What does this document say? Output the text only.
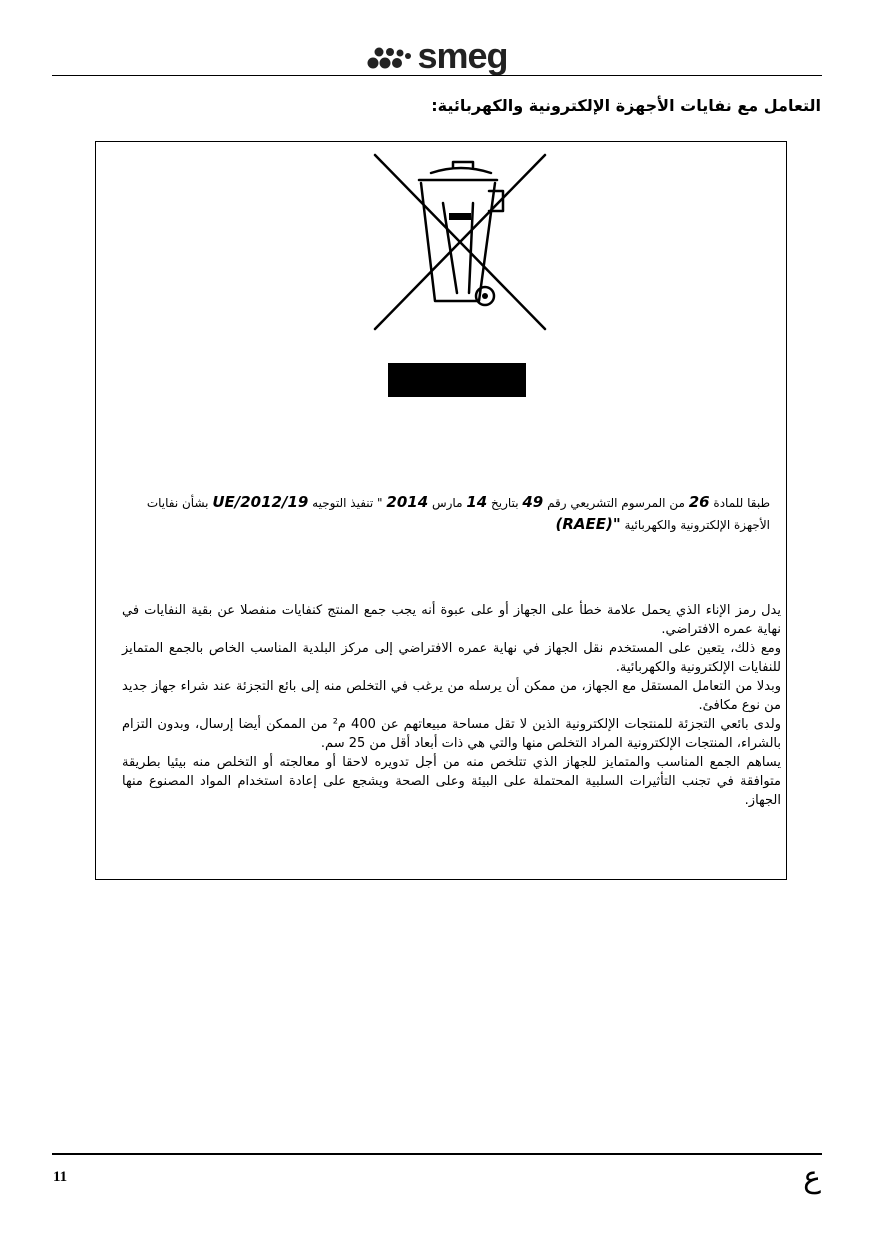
smeg
التعامل مع نفايات الأجهزة الإلكترونية والكهربائية:
طبقا للمادة 26 من المرسوم التشريعي رقم 49 بتاريخ 14 مارس 2014 " تنفيذ التوجيه UE/2012/19 بشأن نفايات الأجهزة الإلكترونية والكهربائية (RAEE)"

يدل رمز الإناء الذي يحمل علامة خطأ على الجهاز أو على عبوة أنه يجب جمع المنتج كنفايات منفصلا عن بقية النفايات في نهاية عمره الافتراضي.

ومع ذلك، يتعين على المستخدم نقل الجهاز في نهاية عمره الافتراضي إلى مركز البلدية المناسب الخاص بالجمع المتمايز للنفايات الإلكترونية والكهربائية.

وبدلا من التعامل المستقل مع الجهاز، من ممكن أن يرسله من يرغب في التخلص منه إلى بائع التجزئة عند شراء جهاز جديد من نوع مكافئ.

ولدى بائعي التجزئة للمنتجات الإلكترونية الذين لا تقل مساحة مبيعاتهم عن 400 م² من الممكن أيضا إرسال، وبدون التزام بالشراء، المنتجات الإلكترونية المراد التخلص منها والتي هي ذات أبعاد أقل من 25 سم.

يساهم الجمع المناسب والمتمايز للجهاز الذي تتلخص منه من أجل تدويره لاحقا أو معالجته أو التخلص منه بيئيا بطريقة متوافقة في تجنب التأثيرات السلبية المحتملة على البيئة وعلى الصحة ويشجع على إعادة استخدام المواد المصنوع منها الجهاز.

11	ع
